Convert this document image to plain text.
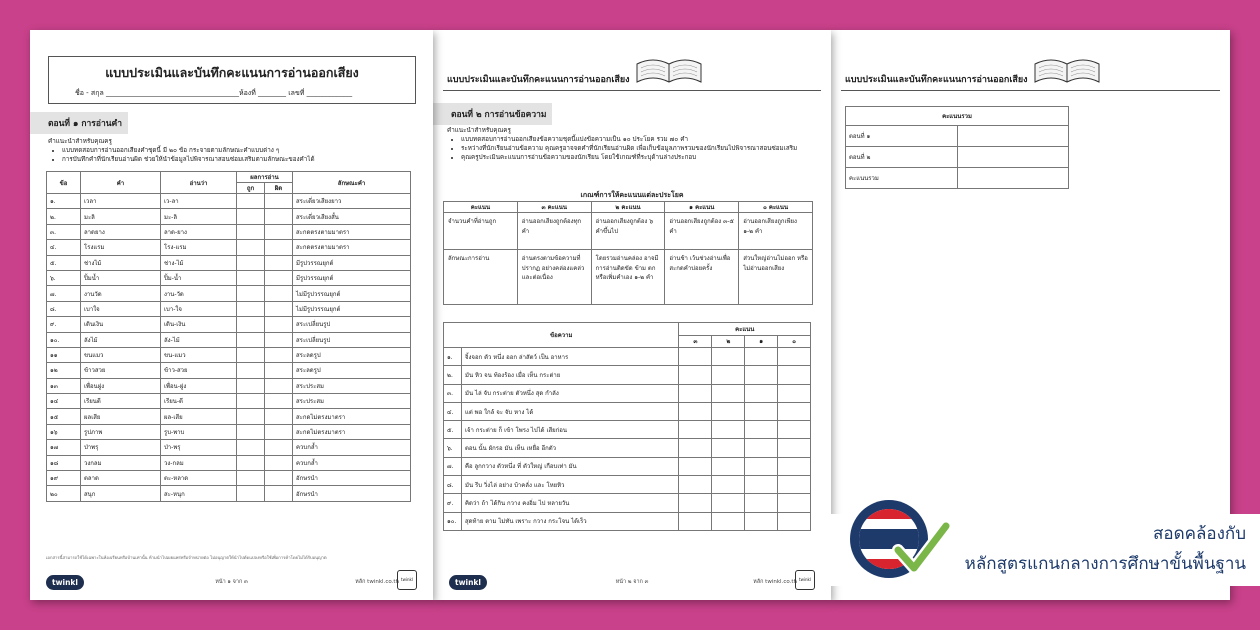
แบบประเมินและบันทึกคะแนนการอ่านออกเสียง
ชื่อ - สกุล ______________________________________ห้องที่ ________ เลขที่ _____________
ตอนที่ ๑ การอ่านคำ
คำแนะนำสำหรับคุณครู
• แบบทดสอบการอ่านออกเสียงคำชุดนี้ มี ๒๐ ข้อ กระจายตามลักษณะคำแบบต่าง ๆ
• การบันทึกคำที่นักเรียนอ่านผิด ช่วยให้นำข้อมูลไปพิจารณาสอนซ่อมเสริมตามลักษณะของคำได้
ข้อ	คำ	อ่านว่า	ผลการอ่าน		ลักษณะคำ
			ถูก	ผิด	
๑.	เวลา	เว-ลา			สระเดี่ยวเสียงยาว
๒.	มะลิ	มะ-ลิ			สระเดี่ยวเสียงสั้น
๓.	ลาดยาง	ลาด-ยาง			สะกดตรงตามมาตรา
๔.	โรงแรม	โรง-แรม			สะกดตรงตามมาตรา
๕.	ช่างไม้	ช่าง-ไม้			มีรูปวรรณยุกต์
๖.	ปิ้มน้ำ	ปิ้ม-น้ำ			มีรูปวรรณยุกต์
๗.	งานวัด	งาน-วัด			ไม่มีรูปวรรณยุกต์
๘.	เบาใจ	เบา-ใจ			ไม่มีรูปวรรณยุกต์
๙.	เดินเงิน	เดิน-เงิน			สระเปลี่ยนรูป
๑๐.	ลังไม้	ลัง-ไม้			สระเปลี่ยนรูป
๑๑	ขนแมว	ขน-แมว			สระลดรูป
๑๒	ข้าวสวย	ข้าว-สวย			สระลดรูป
๑๓	เพื่อนฝูง	เพื่อน-ฝูง			สระประสม
๑๔	เรียนดี	เรียน-ดี			สระประสม
๑๕	ผลเสีย	ผล-เสีย			สะกดไม่ตรงมาตรา
๑๖	รูปภาพ	รูบ-พาบ			สะกดไม่ตรงมาตรา
๑๗	ป่าพรุ	ป่า-พรุ			ควบกล้ำ
๑๘	วงกลม	วง-กลม			ควบกล้ำ
๑๙	ตลาด	ตะ-หลาด			อักษรนำ
๒๐	สนุก	สะ-หนุก			อักษรนำ
เอกสารนี้สามารถใช้ได้เฉพาะในห้องเรียนหรือบ้านเท่านั้น ห้ามนำไปเผยแพร่หรือจำหน่ายต่อ ไม่อนุญาตให้นำไปดัดแปลงหรือใช้เพื่อการค้าโดยไม่ได้รับอนุญาต
twinkl	หน้า ๑ จาก ๓	หลัก twinkl.co.th twinkl
แบบประเมินและบันทึกคะแนนการอ่านออกเสียง
ตอนที่ ๒ การอ่านข้อความ
คำแนะนำสำหรับคุณครู
• แบบทดสอบการอ่านออกเสียงข้อความชุดนี้แบ่งข้อความเป็น ๑๐ ประโยค รวม ๗๐ คำ
• ระหว่างที่นักเรียนอ่านข้อความ คุณครูอาจจดคำที่นักเรียนอ่านผิด เพื่อเก็บข้อมูลภาพรวมของนักเรียนไปพิจารณาสอนซ่อมเสริม
• คุณครูประเมินคะแนนการอ่านข้อความของนักเรียน โดยใช้เกณฑ์ที่ระบุด้านล่างประกอบ
เกณฑ์การให้คะแนนแต่ละประโยค
คะแนน	๓ คะแนน	๒ คะแนน	๑ คะแนน	๐ คะแนน
จำนวนคำที่อ่านถูก	อ่านออกเสียงถูกต้องทุกคำ	อ่านออกเสียงถูกต้อง ๖ คำขึ้นไป	อ่านออกเสียงถูกต้อง ๓-๕ คำ	อ่านออกเสียงถูกเพียง ๑-๒ คำ
ลักษณะการอ่าน	อ่านตรงตามข้อความที่ปรากฏ อย่างคล่องแคล่วและต่อเนื่อง	โดยรวมอ่านคล่อง อาจมีการอ่านติดขัด ข้าม ตก หรือเพิ่มคำเอง ๑-๒ คำ	อ่านช้า เว้นช่วงอ่านเพื่อสะกดคำบ่อยครั้ง	ส่วนใหญ่อ่านไม่ออก หรือไม่อ่านออกเสียง
ข้อความ		คะแนน			
		๓	๒	๑	๐
๑.	จิ้งจอก ตัว หนึ่ง ออก ล่าสัตว์ เป็น อาหาร				
๒.	มัน หิว จน ท้องร้อง เมื่อ เห็น กระต่าย				
๓.	มัน ไล่ จับ กระต่าย ตัวหนึ่ง สุด กำลัง				
๔.	แต่ พอ ใกล้ จะ จับ หาง ได้				
๕.	เจ้า กระต่าย ก็ เข้า โพรง ไปได้ เสียก่อน				
๖.	ตอน นั้น ผักรอ มัน เห็น เหยื่อ อีกตัว				
๗.	คือ ลูกกวาง ตัวหนึ่ง ที่ ตัวใหญ่ เกือบเท่า มัน				
๘.	มัน รีบ วิ่งไล่ อย่าง บ้าคลั่ง และ โหยหิว				
๙.	คิดว่า ถ้า ได้กิน กวาง คงอิ่ม ไป หลายวัน				
๑๐.	สุดท้าย ตาม ไม่ทัน เพราะ กวาง กระโจน ได้เร็ว				
twinkl	หน้า ๒ จาก ๓	หลัก twinkl.co.th twinkl
แบบประเมินและบันทึกคะแนนการอ่านออกเสียง
คะแนนรวม	
ตอนที่ ๑	
ตอนที่ ๒	
คะแนนรวม	
สอดคล้องกับ
หลักสูตรแกนกลางการศึกษาขั้นพื้นฐาน
